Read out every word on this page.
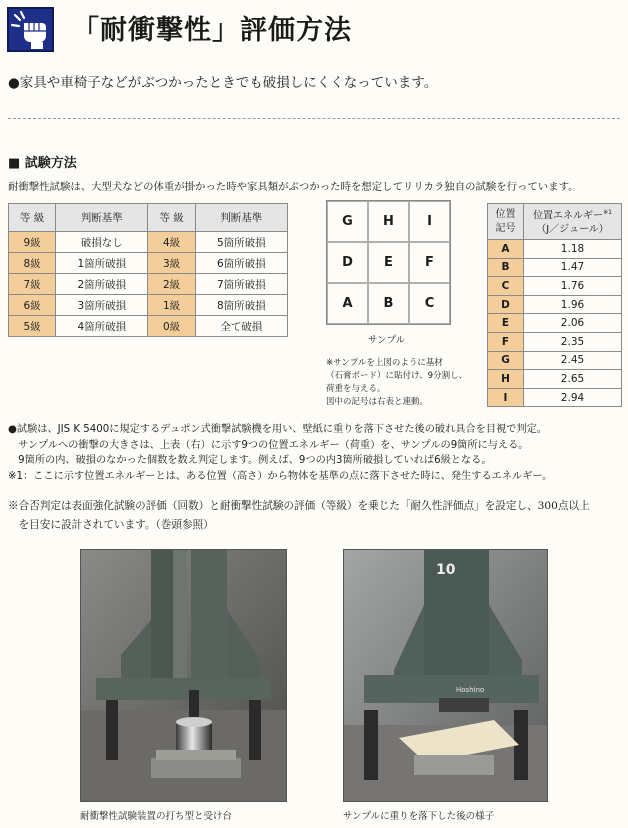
「耐衝撃性」評価方法
●家具や車椅子などがぶつかったときでも破損しにくくなっています。
■ 試験方法
耐衝撃性試験は、大型犬などの体重が掛かった時や家具類がぶつかった時を想定してリリカラ独自の試験を行っています。
等 級	判断基準	等 級	判断基準
9級	破損なし	4級	5箇所破損
8級	1箇所破損	3級	6箇所破損
7級	2箇所破損	2級	7箇所破損
6級	3箇所破損	1級	8箇所破損
5級	4箇所破損	0級	全て破損
G	H	I
D	E	F
A	B	C
サンプル
※サンプルを上図のように基材
（石膏ボード）に貼付け、9分割し、
荷重を与える。
図中の記号は右表と連動。
位置
記号	位置エネルギー$^{※1}$
（J／ジュール）
A	1.18
B	1.47
C	1.76
D	1.96
E	2.06
F	2.35
G	2.45
H	2.65
I	2.94
●試験は、JIS K 5400に規定するデュポン式衝撃試験機を用い、壁紙に重りを落下させた後の破れ具合を目視で判定。
　サンプルへの衝撃の大きさは、上表（右）に示す9つの位置エネルギー（荷重）を、サンプルの9箇所に与える。
　9箇所の内、破損のなかった個数を数え判定します。例えば、9つの内3箇所破損していれば6級となる。
※1：ここに示す位置エネルギーとは、ある位置（高さ）から物体を基準の点に落下させた時に、発生するエネルギー。
※合否判定は表面強化試験の評価（回数）と耐衝撃性試験の評価（等級）を乗じた「耐久性評価点」を設定し、300点以上
　を目安に設計されています。（巻頭参照）
10
Hoshino
耐衝撃性試験装置の打ち型と受け台	サンプルに重りを落下した後の様子
